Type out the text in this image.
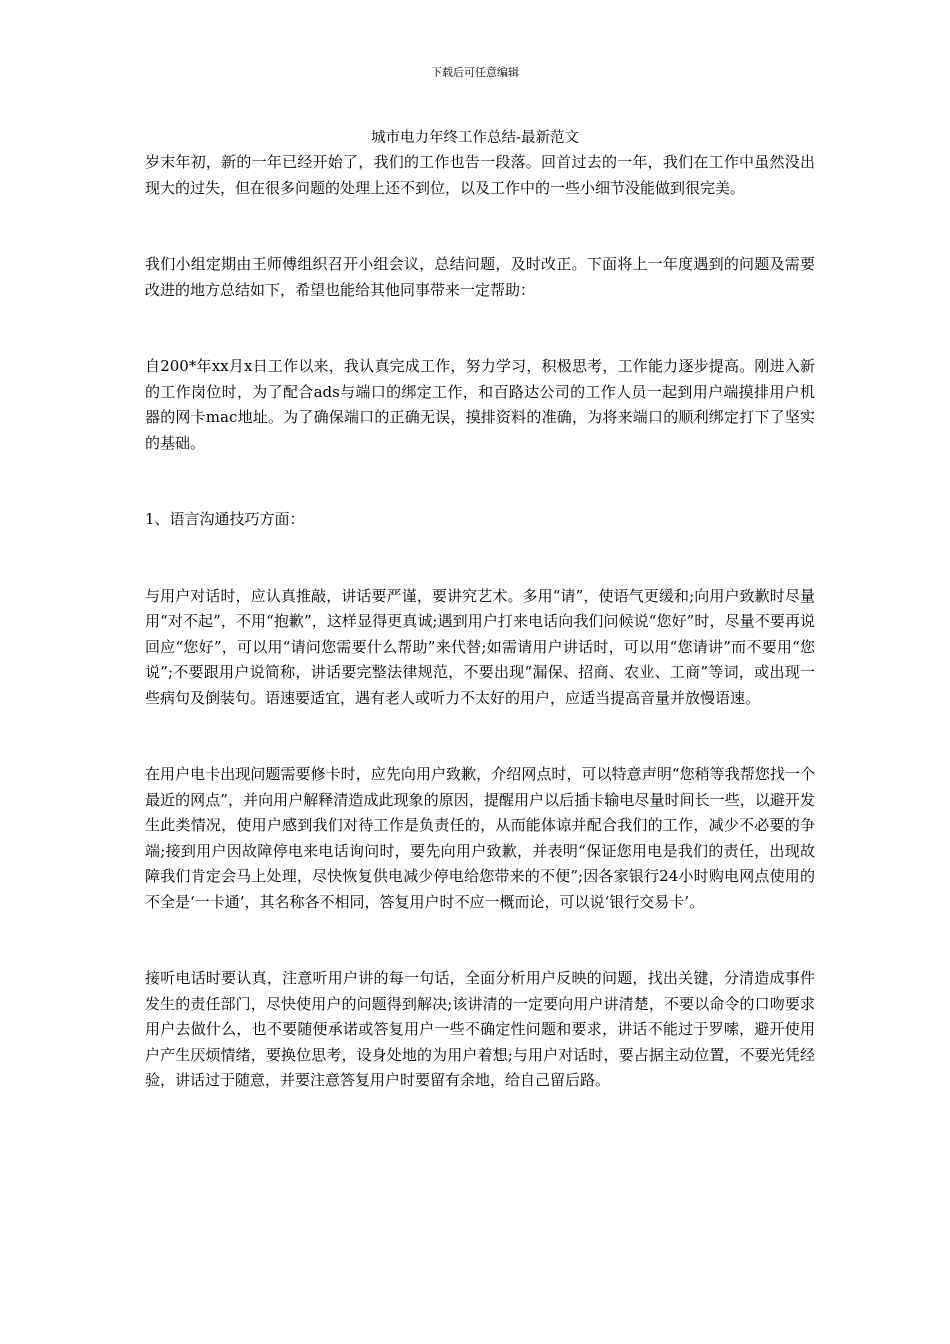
下载后可任意编辑
城市电力年终工作总结-最新范文

岁末年初，新的一年已经开始了，我们的工作也告一段落。回首过去的一年，我们在工作中虽然没出现大的过失，但在很多问题的处理上还不到位，以及工作中的一些小细节没能做到很完美。

我们小组定期由王师傅组织召开小组会议，总结问题，及时改正。下面将上一年度遇到的问题及需要改进的地方总结如下，希望也能给其他同事带来一定帮助：

自200*年xx月x日工作以来，我认真完成工作，努力学习，积极思考，工作能力逐步提高。刚进入新的工作岗位时，为了配合ads与端口的绑定工作，和百路达公司的工作人员一起到用户端摸排用户机器的网卡mac地址。为了确保端口的正确无误，摸排资料的准确，为将来端口的顺利绑定打下了坚实的基础。

1、语言沟通技巧方面：

与用户对话时，应认真推敲，讲话要严谨，要讲究艺术。多用“请”，使语气更缓和;向用户致歉时尽量用“对不起”，不用“抱歉”，这样显得更真诚;遇到用户打来电话向我们问候说“您好”时，尽量不要再说回应“您好”，可以用“请问您需要什么帮助”来代替;如需请用户讲话时，可以用“您请讲”而不要用“您说”;不要跟用户说简称，讲话要完整法律规范，不要出现“漏保、招商、农业、工商”等词，或出现一些病句及倒装句。语速要适宜，遇有老人或听力不太好的用户，应适当提高音量并放慢语速。

在用户电卡出现问题需要修卡时，应先向用户致歉，介绍网点时，可以特意声明“您稍等我帮您找一个最近的网点”，并向用户解释清造成此现象的原因，提醒用户以后插卡输电尽量时间长一些，以避开发生此类情况，使用户感到我们对待工作是负责任的，从而能体谅并配合我们的工作，减少不必要的争端;接到用户因故障停电来电话询问时，要先向用户致歉，并表明“保证您用电是我们的责任，出现故障我们肯定会马上处理，尽快恢复供电减少停电给您带来的不便”;因各家银行24小时购电网点使用的不全是‘一卡通’，其名称各不相同，答复用户时不应一概而论，可以说‘银行交易卡’。

接听电话时要认真，注意听用户讲的每一句话，全面分析用户反映的问题，找出关键，分清造成事件发生的责任部门，尽快使用户的问题得到解决;该讲清的一定要向用户讲清楚，不要以命令的口吻要求用户去做什么，也不要随便承诺或答复用户一些不确定性问题和要求，讲话不能过于罗嗦，避开使用户产生厌烦情绪，要换位思考，设身处地的为用户着想;与用户对话时，要占据主动位置，不要光凭经验，讲话过于随意，并要注意答复用户时要留有余地，给自己留后路。
